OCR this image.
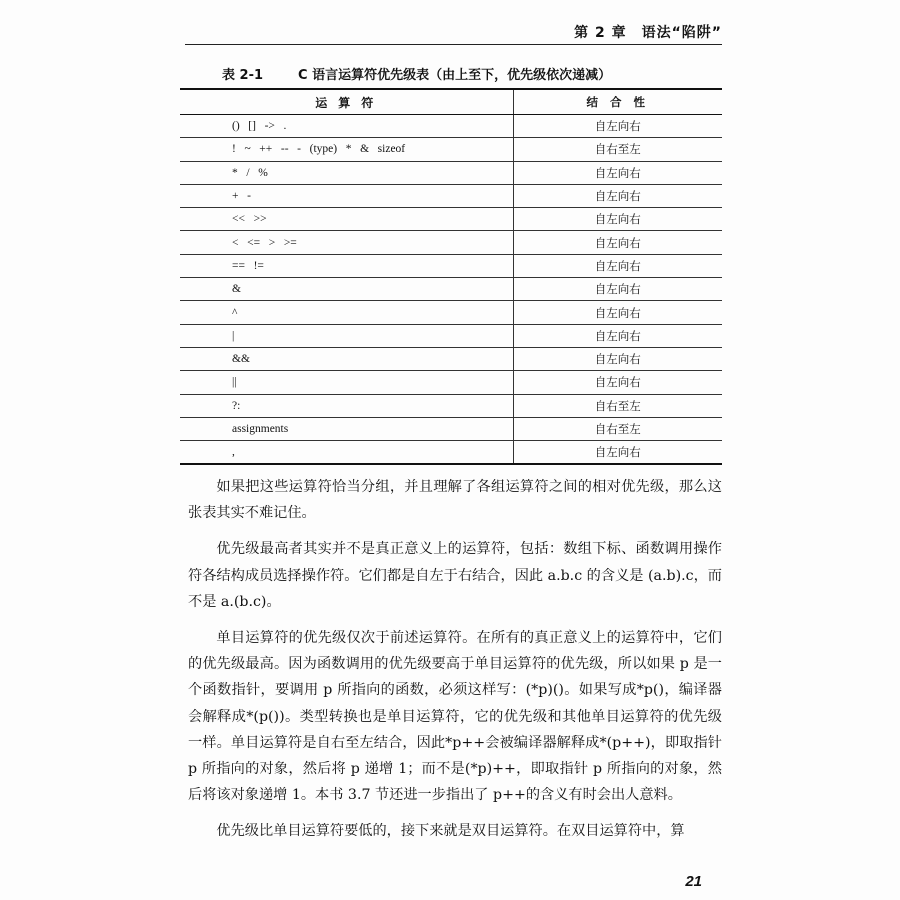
第 2 章　语法“陷阱”
表 2-1	C 语言运算符优先级表（由上至下，优先级依次递减）
运 算 符	结 合 性
()   []   ->   .	自左向右
!   ~   ++   --   -   (type)   *   &   sizeof	自右至左
*   /   %	自左向右
+   -	自左向右
<<   >>	自左向右
<   <=   >   >=	自左向右
==   !=	自左向右
&	自左向右
^	自左向右
|	自左向右
&&	自左向右
||	自左向右
?:	自右至左
assignments	自右至左
,	自左向右

如果把这些运算符恰当分组，并且理解了各组运算符之间的相对优先级，那么这张表其实不难记住。

优先级最高者其实并不是真正意义上的运算符，包括：数组下标、函数调用操作符各结构成员选择操作符。它们都是自左于右结合，因此 a.b.c 的含义是 (a.b).c，而不是 a.(b.c)。

单目运算符的优先级仅次于前述运算符。在所有的真正意义上的运算符中，它们的优先级最高。因为函数调用的优先级要高于单目运算符的优先级，所以如果 p 是一个函数指针，要调用 p 所指向的函数，必须这样写：(*p)()。如果写成*p()，编译器会解释成*(p())。类型转换也是单目运算符，它的优先级和其他单目运算符的优先级一样。单目运算符是自右至左结合，因此*p++会被编译器解释成*(p++)，即取指针 p 所指向的对象，然后将 p 递增 1；而不是(*p)++，即取指针 p 所指向的对象，然后将该对象递增 1。本书 3.7 节还进一步指出了 p++的含义有时会出人意料。

优先级比单目运算符要低的，接下来就是双目运算符。在双目运算符中，算

21
